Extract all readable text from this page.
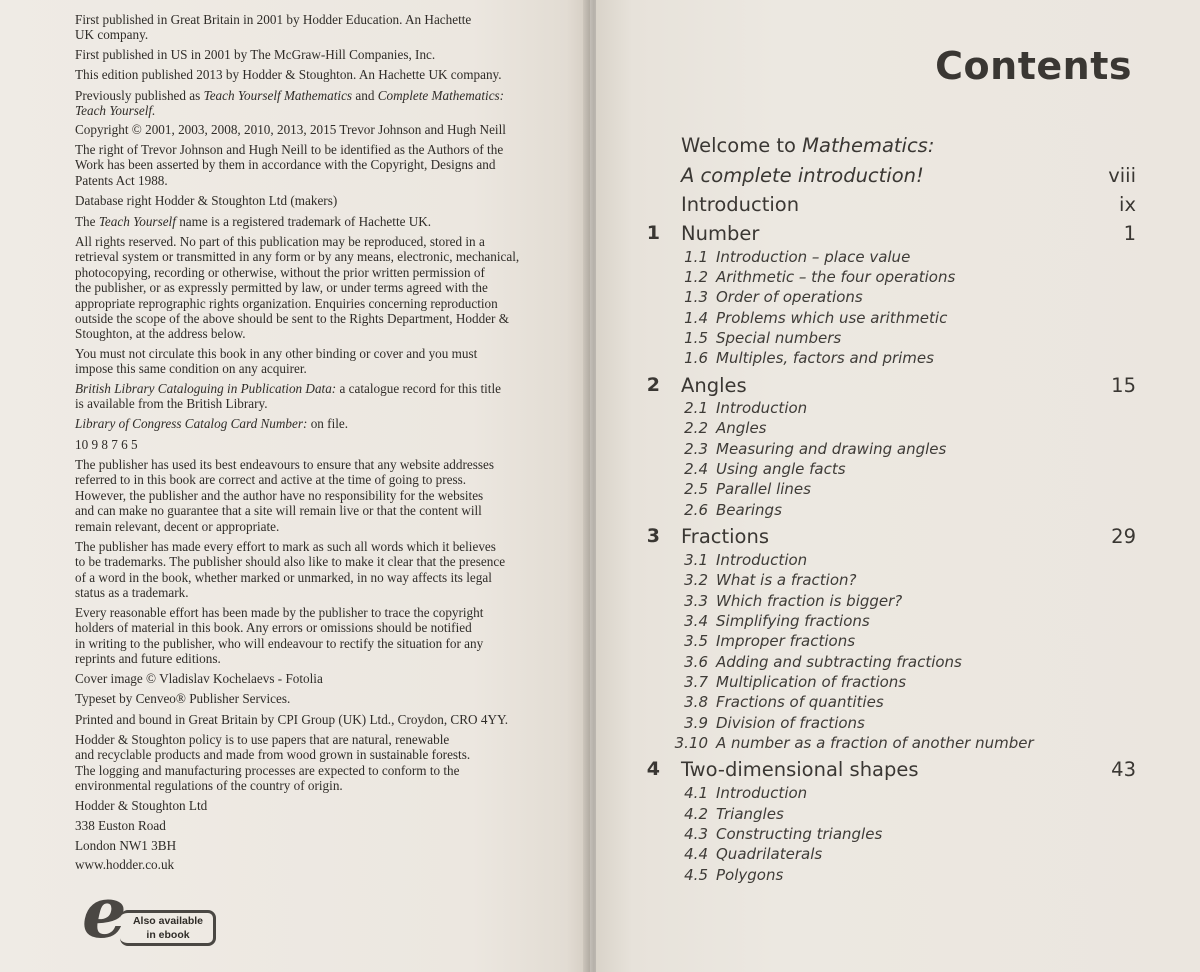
First published in Great Britain in 2001 by Hodder Education. An Hachette
UK company.

First published in US in 2001 by The McGraw-Hill Companies, Inc.

This edition published 2013 by Hodder & Stoughton. An Hachette UK company.

Previously published as Teach Yourself Mathematics and Complete Mathematics:
Teach Yourself.

Copyright © 2001, 2003, 2008, 2010, 2013, 2015 Trevor Johnson and Hugh Neill

The right of Trevor Johnson and Hugh Neill to be identified as the Authors of the
Work has been asserted by them in accordance with the Copyright, Designs and
Patents Act 1988.

Database right Hodder & Stoughton Ltd (makers)

The Teach Yourself name is a registered trademark of Hachette UK.

All rights reserved. No part of this publication may be reproduced, stored in a
retrieval system or transmitted in any form or by any means, electronic, mechanical,
photocopying, recording or otherwise, without the prior written permission of
the publisher, or as expressly permitted by law, or under terms agreed with the
appropriate reprographic rights organization. Enquiries concerning reproduction
outside the scope of the above should be sent to the Rights Department, Hodder &
Stoughton, at the address below.

You must not circulate this book in any other binding or cover and you must
impose this same condition on any acquirer.

British Library Cataloguing in Publication Data: a catalogue record for this title
is available from the British Library.

Library of Congress Catalog Card Number: on file.

10 9 8 7 6 5

The publisher has used its best endeavours to ensure that any website addresses
referred to in this book are correct and active at the time of going to press.
However, the publisher and the author have no responsibility for the websites
and can make no guarantee that a site will remain live or that the content will
remain relevant, decent or appropriate.

The publisher has made every effort to mark as such all words which it believes
to be trademarks. The publisher should also like to make it clear that the presence
of a word in the book, whether marked or unmarked, in no way affects its legal
status as a trademark.

Every reasonable effort has been made by the publisher to trace the copyright
holders of material in this book. Any errors or omissions should be notified
in writing to the publisher, who will endeavour to rectify the situation for any
reprints and future editions.

Cover image © Vladislav Kochelaevs - Fotolia

Typeset by Cenveo® Publisher Services.

Printed and bound in Great Britain by CPI Group (UK) Ltd., Croydon, CRO 4YY.

Hodder & Stoughton policy is to use papers that are natural, renewable
and recyclable products and made from wood grown in sustainable forests.
The logging and manufacturing processes are expected to conform to the
environmental regulations of the country of origin.

Hodder & Stoughton Ltd

338 Euston Road

London NW1 3BH

www.hodder.co.uk

e Also available
in ebook
Contents
Welcome to Mathematics:
A complete introduction!	viii
Introduction	ix
1 Number	1
1.1 Introduction – place value
1.2 Arithmetic – the four operations
1.3 Order of operations
1.4 Problems which use arithmetic
1.5 Special numbers
1.6 Multiples, factors and primes
2 Angles	15
2.1 Introduction
2.2 Angles
2.3 Measuring and drawing angles
2.4 Using angle facts
2.5 Parallel lines
2.6 Bearings
3 Fractions	29
3.1 Introduction
3.2 What is a fraction?
3.3 Which fraction is bigger?
3.4 Simplifying fractions
3.5 Improper fractions
3.6 Adding and subtracting fractions
3.7 Multiplication of fractions
3.8 Fractions of quantities
3.9 Division of fractions
3.10 A number as a fraction of another number
4 Two-dimensional shapes	43
4.1 Introduction
4.2 Triangles
4.3 Constructing triangles
4.4 Quadrilaterals
4.5 Polygons
